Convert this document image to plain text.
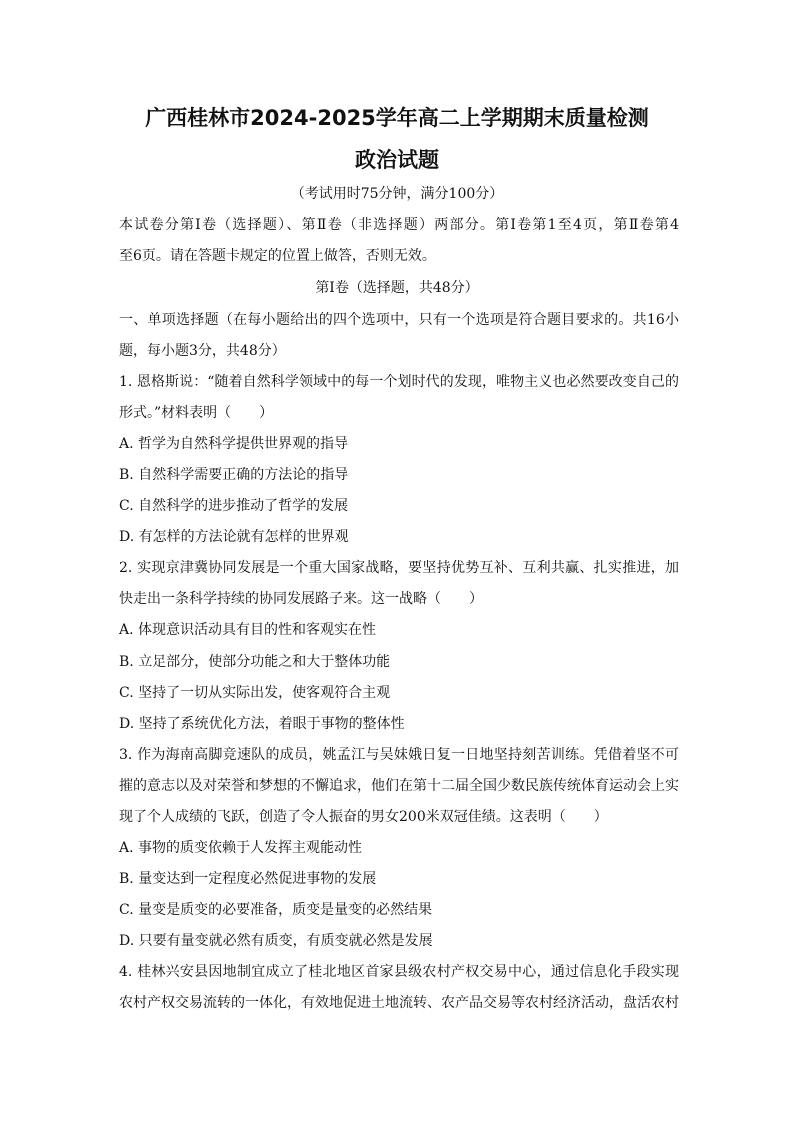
广西桂林市2024-2025学年高二上学期期末质量检测
政治试题

（考试用时75分钟，满分100分）

本试卷分第Ⅰ卷（选择题）、第Ⅱ卷（非选择题）两部分。第Ⅰ卷第1至4页，第Ⅱ卷第4

至6页。请在答题卡规定的位置上做答，否则无效。

第Ⅰ卷（选择题，共48分）

一、单项选择题（在每小题给出的四个选项中，只有一个选项是符合题目要求的。共16小

题，每小题3分，共48分）

1. 恩格斯说：“随着自然科学领域中的每一个划时代的发现，唯物主义也必然要改变自己的

形式。”材料表明（　　）

A. 哲学为自然科学提供世界观的指导

B. 自然科学需要正确的方法论的指导

C. 自然科学的进步推动了哲学的发展

D. 有怎样的方法论就有怎样的世界观

2. 实现京津冀协同发展是一个重大国家战略，要坚持优势互补、互利共赢、扎实推进，加

快走出一条科学持续的协同发展路子来。这一战略（　　）

A. 体现意识活动具有目的性和客观实在性

B. 立足部分，使部分功能之和大于整体功能

C. 坚持了一切从实际出发，使客观符合主观

D. 坚持了系统优化方法，着眼于事物的整体性

3. 作为海南高脚竞速队的成员，姚孟江与吴妹娥日复一日地坚持刻苦训练。凭借着坚不可

摧的意志以及对荣誉和梦想的不懈追求，他们在第十二届全国少数民族传统体育运动会上实

现了个人成绩的飞跃，创造了令人振奋的男女200米双冠佳绩。这表明（　　）

A. 事物的质变依赖于人发挥主观能动性

B. 量变达到一定程度必然促进事物的发展

C. 量变是质变的必要准备，质变是量变的必然结果

D. 只要有量变就必然有质变，有质变就必然是发展

4. 桂林兴安县因地制宜成立了桂北地区首家县级农村产权交易中心，通过信息化手段实现

农村产权交易流转的一体化，有效地促进土地流转、农产品交易等农村经济活动，盘活农村
